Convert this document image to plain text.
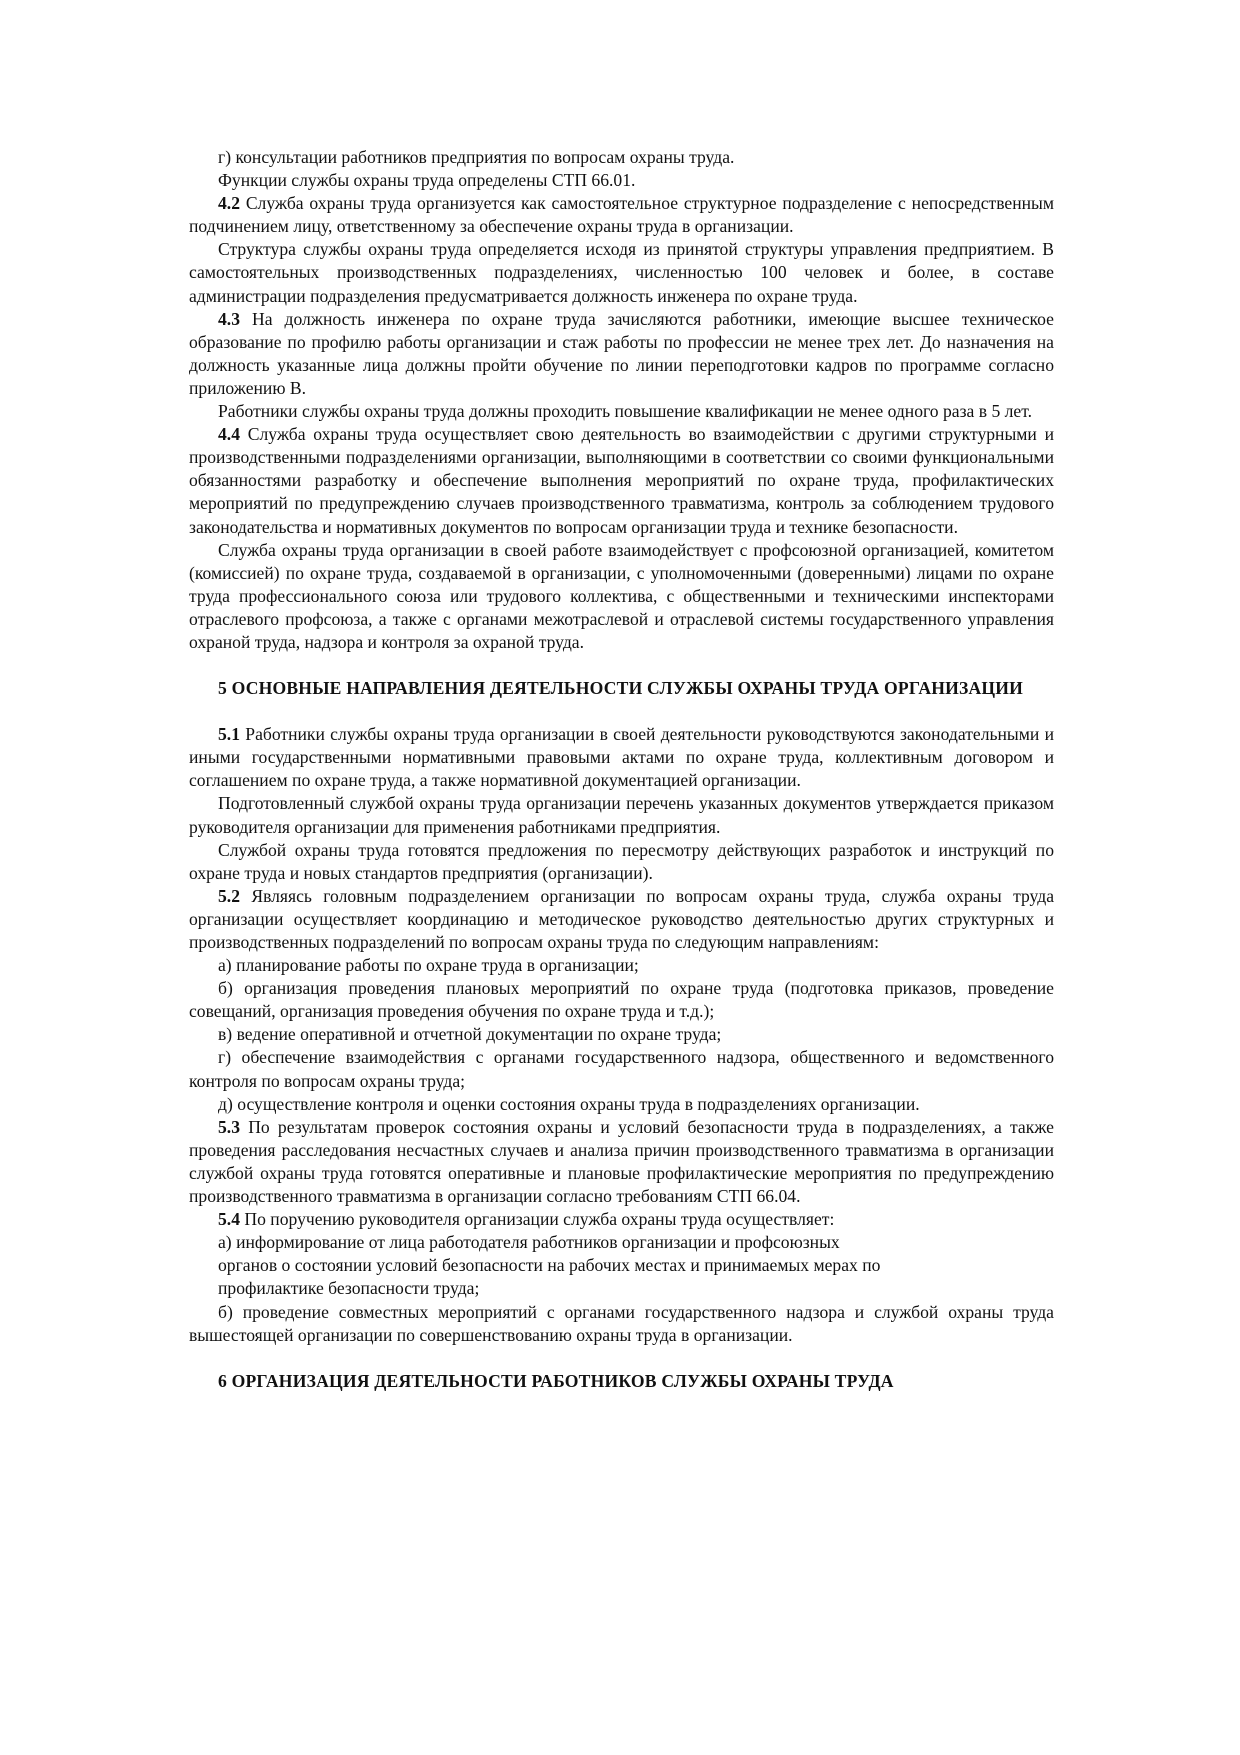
г) консультации работников предприятия по вопросам охраны труда.

Функции службы охраны труда определены СТП 66.01.

4.2 Служба охраны труда организуется как самостоятельное структурное подразделение с непосредственным подчинением лицу, ответственному за обеспечение охраны труда в организации.

Структура службы охраны труда определяется исходя из принятой структуры управления предприятием. В самостоятельных производственных подразделениях, численностью 100 человек и более, в составе администрации подразделения предусматривается должность инженера по охране труда.

4.3 На должность инженера по охране труда зачисляются работники, имеющие высшее техническое образование по профилю работы организации и стаж работы по профессии не менее трех лет. До назначения на должность указанные лица должны пройти обучение по линии переподготовки кадров по программе согласно приложению В.

Работники службы охраны труда должны проходить повышение квалификации не менее одного раза в 5 лет.

4.4 Служба охраны труда осуществляет свою деятельность во взаимодействии с другими структурными и производственными подразделениями организации, выполняющими в соответствии со своими функциональными обязанностями разработку и обеспечение выполнения мероприятий по охране труда, профилактических мероприятий по предупреждению случаев производственного травматизма, контроль за соблюдением трудового законодательства и нормативных документов по вопросам организации труда и технике безопасности.

Служба охраны труда организации в своей работе взаимодействует с профсоюзной организацией, комитетом (комиссией) по охране труда, создаваемой в организации, с уполномоченными (доверенными) лицами по охране труда профессионального союза или трудового коллектива, с общественными и техническими инспекторами отраслевого профсоюза, а также с органами межотраслевой и отраслевой системы государственного управления охраной труда, надзора и контроля за охраной труда.

5 ОСНОВНЫЕ НАПРАВЛЕНИЯ ДЕЯТЕЛЬНОСТИ СЛУЖБЫ ОХРАНЫ ТРУДА ОРГАНИЗАЦИИ

5.1 Работники службы охраны труда организации в своей деятельности руководствуются законодательными и иными государственными нормативными правовыми актами по охране труда, коллективным договором и соглашением по охране труда, а также нормативной документацией организации.

Подготовленный службой охраны труда организации перечень указанных документов утверждается приказом руководителя организации для применения работниками предприятия.

Службой охраны труда готовятся предложения по пересмотру действующих разработок и инструкций по охране труда и новых стандартов предприятия (организации).

5.2 Являясь головным подразделением организации по вопросам охраны труда, служба охраны труда организации осуществляет координацию и методическое руководство деятельностью других структурных и производственных подразделений по вопросам охраны труда по следующим направлениям:

а) планирование работы по охране труда в организации;

б) организация проведения плановых мероприятий по охране труда (подготовка приказов, проведение совещаний, организация проведения обучения по охране труда и т.д.);

в) ведение оперативной и отчетной документации по охране труда;

г) обеспечение взаимодействия с органами государственного надзора, общественного и ведомственного контроля по вопросам охраны труда;

д) осуществление контроля и оценки состояния охраны труда в подразделениях организации.

5.3 По результатам проверок состояния охраны и условий безопасности труда в подразделениях, а также проведения расследования несчастных случаев и анализа причин производственного травматизма в организации службой охраны труда готовятся оперативные и плановые профилактические мероприятия по предупреждению производственного травматизма в организации согласно требованиям СТП 66.04.

5.4 По поручению руководителя организации служба охраны труда осуществляет:

а) информирование от лица работодателя работников организации и профсоюзных
органов о состоянии условий безопасности на рабочих местах и принимаемых мерах по
профилактике безопасности труда;

б) проведение совместных мероприятий с органами государственного надзора и службой охраны труда вышестоящей организации по совершенствованию охраны труда в организации.

6 ОРГАНИЗАЦИЯ ДЕЯТЕЛЬНОСТИ РАБОТНИКОВ СЛУЖБЫ ОХРАНЫ ТРУДА
